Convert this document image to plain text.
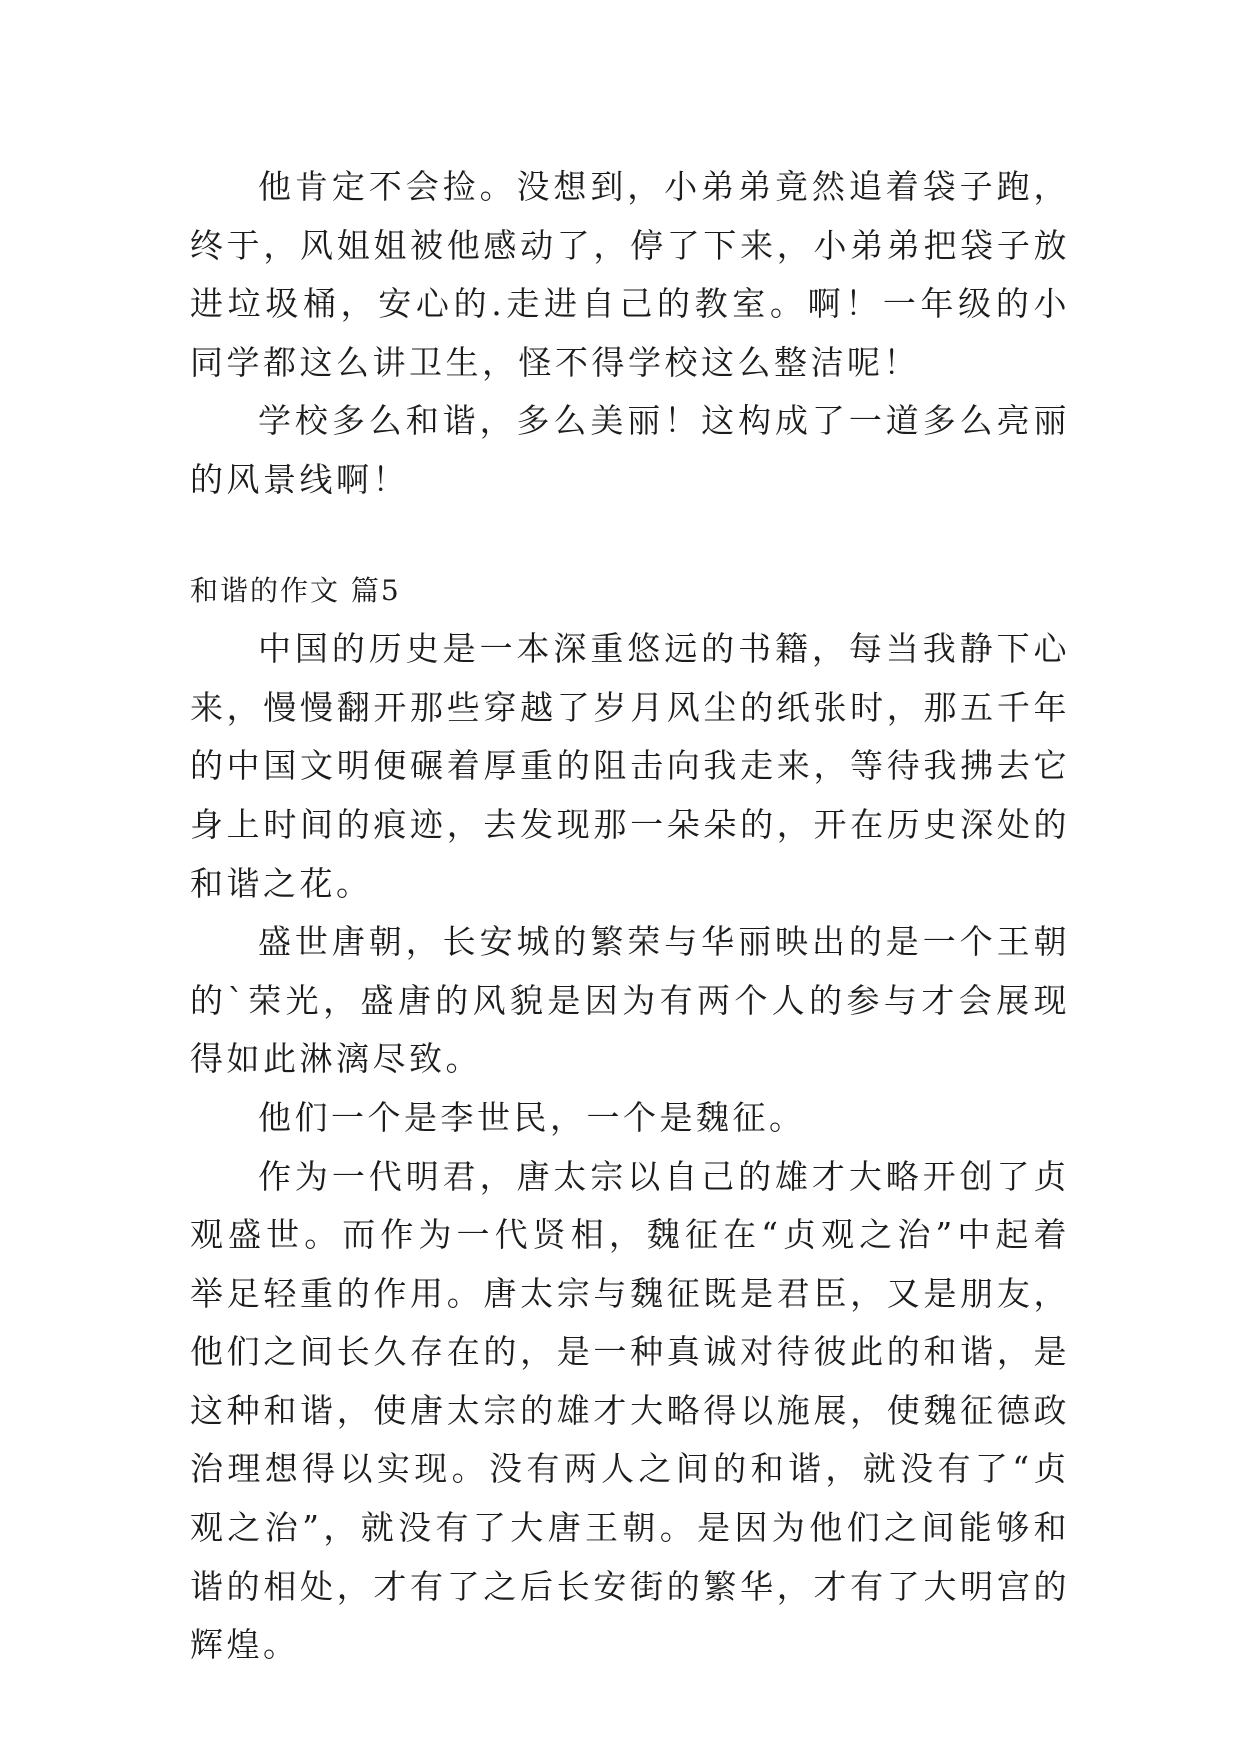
他肯定不会捡。没想到，小弟弟竟然追着袋子跑，终于，风姐姐被他感动了，停了下来，小弟弟把袋子放进垃圾桶，安心的.走进自己的教室。啊！一年级的小同学都这么讲卫生，怪不得学校这么整洁呢！

学校多么和谐，多么美丽！这构成了一道多么亮丽的风景线啊！

和谐的作文 篇5

中国的历史是一本深重悠远的书籍，每当我静下心来，慢慢翻开那些穿越了岁月风尘的纸张时，那五千年的中国文明便碾着厚重的阻击向我走来，等待我拂去它身上时间的痕迹，去发现那一朵朵的，开在历史深处的和谐之花。

盛世唐朝，长安城的繁荣与华丽映出的是一个王朝的`荣光，盛唐的风貌是因为有两个人的参与才会展现得如此淋漓尽致。

他们一个是李世民，一个是魏征。

作为一代明君，唐太宗以自己的雄才大略开创了贞观盛世。而作为一代贤相，魏征在“贞观之治”中起着举足轻重的作用。唐太宗与魏征既是君臣，又是朋友，他们之间长久存在的，是一种真诚对待彼此的和谐，是这种和谐，使唐太宗的雄才大略得以施展，使魏征德政治理想得以实现。没有两人之间的和谐，就没有了“贞观之治”，就没有了大唐王朝。是因为他们之间能够和谐的相处，才有了之后长安街的繁华，才有了大明宫的辉煌。
